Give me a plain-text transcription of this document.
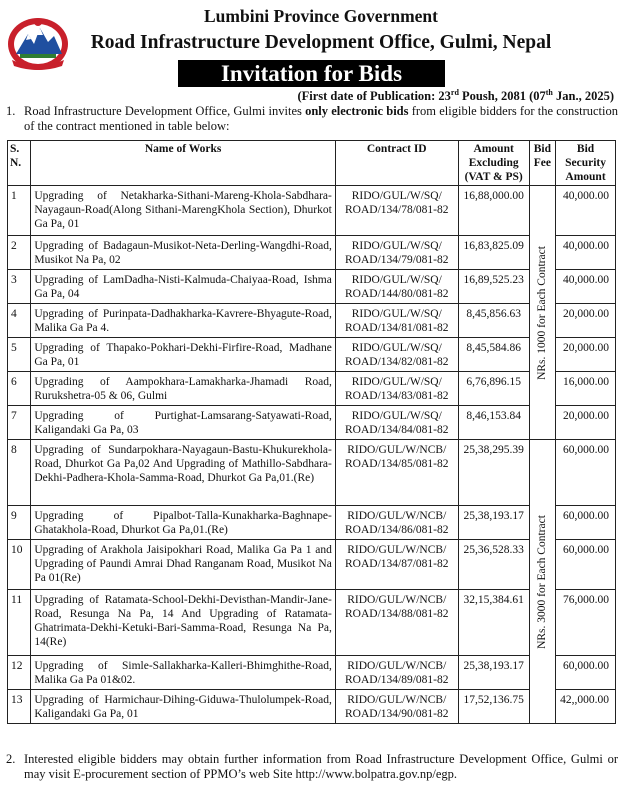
Lumbini Province Government
Road Infrastructure Development Office, Gulmi, Nepal
Invitation for Bids
(First date of Publication: 23rd Poush, 2081 (07th Jan., 2025)
1. Road Infrastructure Development Office, Gulmi invites only electronic bids from eligible bidders for the construction of the contract mentioned in table below:
S. N.	Name of Works	Contract ID	Amount Excluding (VAT & PS)	Bid Fee	Bid Security Amount
1	Upgrading of Netakharka-Sithani-Mareng-Khola-Sabdhara-Nayagaun-Road(Along Sithani-MarengKhola Section), Dhurkot Ga Pa, 01	RIDO/GUL/W/SQ/ ROAD/134/78/081-82	16,88,000.00	NRs. 1000 for Each Contract	40,000.00
2	Upgrading of Badagaun-Musikot-Neta-Derling-Wangdhi-Road, Musikot Na Pa, 02	RIDO/GUL/W/SQ/ ROAD/134/79/081-82	16,83,825.09		40,000.00
3	Upgrading of LamDadha-Nisti-Kalmuda-Chaiyaa-Road, Ishma Ga Pa, 04	RIDO/GUL/W/SQ/ ROAD/144/80/081-82	16,89,525.23		40,000.00
4	Upgrading of Purinpata-Dadhakharka-Kavrere-Bhyagute-Road, Malika Ga Pa 4.	RIDO/GUL/W/SQ/ ROAD/134/81/081-82	8,45,856.63		20,000.00
5	Upgrading of Thapako-Pokhari-Dekhi-Firfire-Road, Madhane Ga Pa, 01	RIDO/GUL/W/SQ/ ROAD/134/82/081-82	8,45,584.86		20,000.00
6	Upgrading of Aampokhara-Lamakharka-Jhamadi Road, Rurukshetra-05 & 06, Gulmi	RIDO/GUL/W/SQ/ ROAD/134/83/081-82	6,76,896.15		16,000.00
7	Upgrading of Purtighat-Lamsarang-Satyawati-Road, Kaligandaki Ga Pa, 03	RIDO/GUL/W/SQ/ ROAD/134/84/081-82	8,46,153.84		20,000.00
8	Upgrading of Sundarpokhara-Nayagaun-Bastu-Khukurekhola-Road, Dhurkot Ga Pa,02 And Upgrading of Mathillo-Sabdhara-Dekhi-Padhera-Khola-Samma-Road, Dhurkot Ga Pa,01.(Re)	RIDO/GUL/W/NCB/ ROAD/134/85/081-82	25,38,295.39	NRs. 3000 for Each Contract	60,000.00
9	Upgrading of Pipalbot-Talla-Kunakharka-Baghnape-Ghatakhola-Road, Dhurkot Ga Pa,01.(Re)	RIDO/GUL/W/NCB/ ROAD/134/86/081-82	25,38,193.17		60,000.00
10	Upgrading of Arakhola Jaisipokhari Road, Malika Ga Pa 1 and Upgrading of Paundi Amrai Dhad Ranganam Road, Musikot Na Pa 01(Re)	RIDO/GUL/W/NCB/ ROAD/134/87/081-82	25,36,528.33		60,000.00
11	Upgrading of Ratamata-School-Dekhi-Devisthan-Mandir-Jane-Road, Resunga Na Pa, 14 And Upgrading of Ratamata-Ghatrimata-Dekhi-Ketuki-Bari-Samma-Road, Resunga Na Pa, 14(Re)	RIDO/GUL/W/NCB/ ROAD/134/88/081-82	32,15,384.61		76,000.00
12	Upgrading of Simle-Sallakharka-Kalleri-Bhimghithe-Road, Malika Ga Pa 01&02.	RIDO/GUL/W/NCB/ ROAD/134/89/081-82	25,38,193.17		60,000.00
13	Upgrading of Harmichaur-Dihing-Giduwa-Thulolumpek-Road, Kaligandaki Ga Pa, 01	RIDO/GUL/W/NCB/ ROAD/134/90/081-82	17,52,136.75		42,,000.00
2. Interested eligible bidders may obtain further information from Road Infrastructure Development Office, Gulmi or may visit E-procurement section of PPMO’s web Site http://www.bolpatra.gov.np/egp.
